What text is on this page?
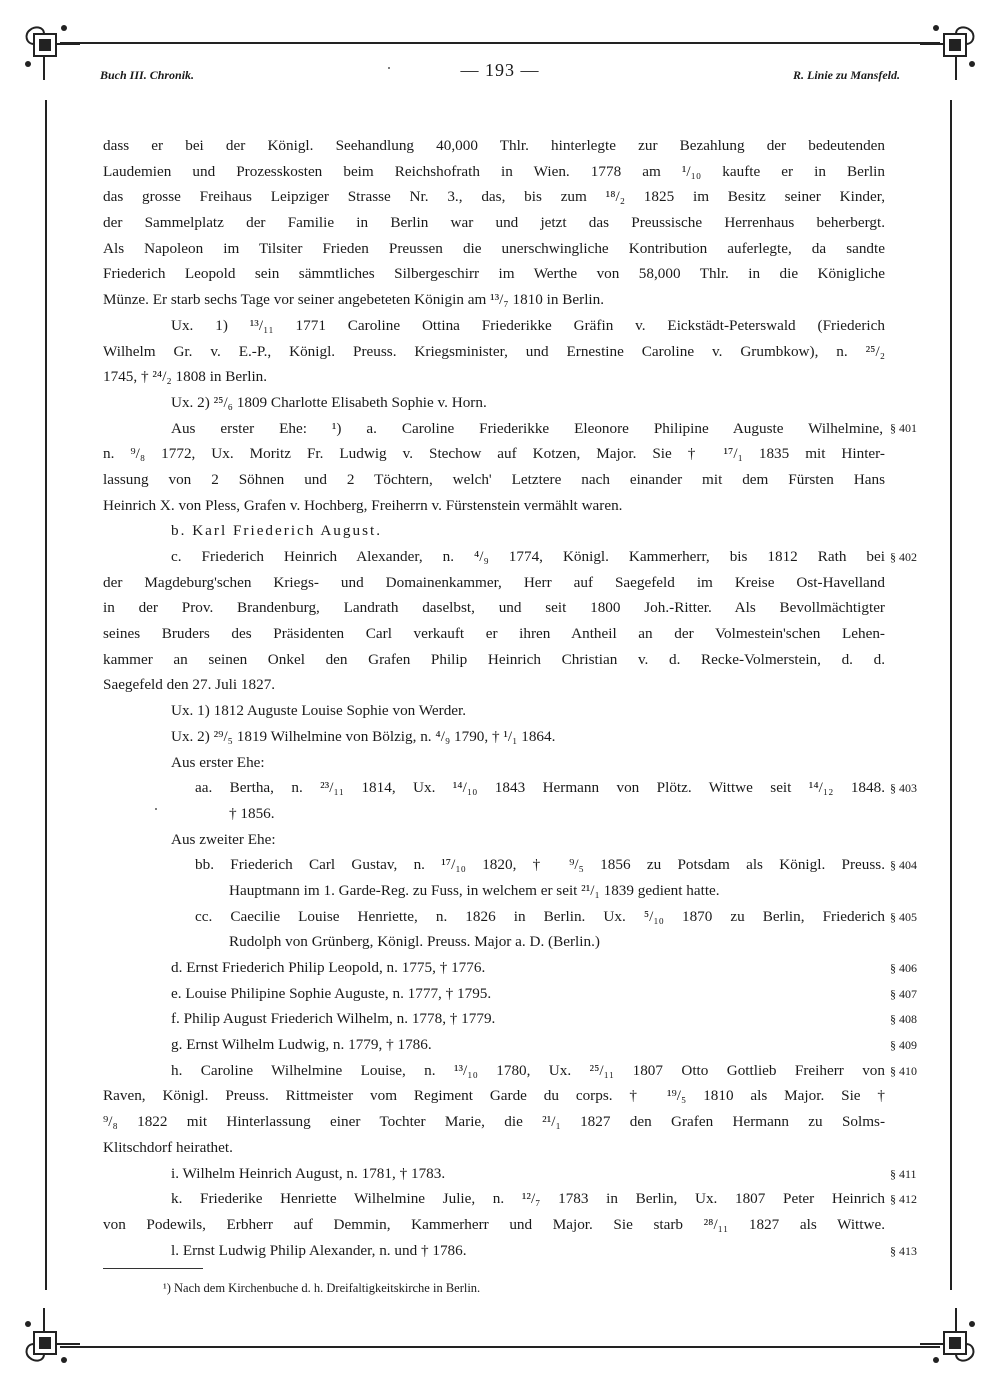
Buch III. Chronik.	— 193 —	R. Linie zu Mansfeld.
dass er bei der Königl. Seehandlung 40,000 Thlr. hinterlegte zur Bezahlung der bedeutenden
Laudemien und Prozesskosten beim Reichshofrath in Wien. 1778 am ¹/₁₀ kaufte er in Berlin
das grosse Freihaus Leipziger Strasse Nr. 3., das, bis zum ¹⁸/₂ 1825 im Besitz seiner Kinder,
der Sammelplatz der Familie in Berlin war und jetzt das Preussische Herrenhaus beherbergt.
Als Napoleon im Tilsiter Frieden Preussen die unerschwingliche Kontribution auferlegte, da sandte
Friederich Leopold sein sämmtliches Silbergeschirr im Werthe von 58,000 Thlr. in die Königliche
Münze. Er starb sechs Tage vor seiner angebeteten Königin am ¹³/₇ 1810 in Berlin.
Ux. 1) ¹³/₁₁ 1771 Caroline Ottina Friederikke Gräfin v. Eickstädt-Peterswald (Friederich
Wilhelm Gr. v. E.-P., Königl. Preuss. Kriegsminister, und Ernestine Caroline v. Grumbkow), n. ²⁵/₂
1745, † ²⁴/₂ 1808 in Berlin.
Ux. 2) ²⁵/₆ 1809 Charlotte Elisabeth Sophie v. Horn.
Aus erster Ehe: ¹) a. Caroline Friederikke Eleonore Philipine Auguste Wilhelmine,
n. ⁹/₈ 1772, Ux. Moritz Fr. Ludwig v. Stechow auf Kotzen, Major. Sie † ¹⁷/₁ 1835 mit Hinter-
lassung von 2 Söhnen und 2 Töchtern, welch' Letztere nach einander mit dem Fürsten Hans
Heinrich X. von Pless, Grafen v. Hochberg, Freiherrn v. Fürstenstein vermählt waren.
b. Karl Friederich August.
c. Friederich Heinrich Alexander, n. ⁴/₉ 1774, Königl. Kammerherr, bis 1812 Rath bei
der Magdeburg'schen Kriegs- und Domainenkammer, Herr auf Saegefeld im Kreise Ost-Havelland
in der Prov. Brandenburg, Landrath daselbst, und seit 1800 Joh.-Ritter. Als Bevollmächtigter
seines Bruders des Präsidenten Carl verkauft er ihren Antheil an der Volmestein'schen Lehen-
kammer an seinen Onkel den Grafen Philip Heinrich Christian v. d. Recke-Volmerstein, d. d.
Saegefeld den 27. Juli 1827.
Ux. 1) 1812 Auguste Louise Sophie von Werder.
Ux. 2) ²⁹/₅ 1819 Wilhelmine von Bölzig, n. ⁴/₉ 1790, † ¹/₁ 1864.
Aus erster Ehe:
aa. Bertha, n. ²³/₁₁ 1814, Ux. ¹⁴/₁₀ 1843 Hermann von Plötz. Wittwe seit ¹⁴/₁₂ 1848.
† 1856.
Aus zweiter Ehe:
bb. Friederich Carl Gustav, n. ¹⁷/₁₀ 1820, † ⁹/₅ 1856 zu Potsdam als Königl. Preuss.
Hauptmann im 1. Garde-Reg. zu Fuss, in welchem er seit ²¹/₁ 1839 gedient hatte.
cc. Caecilie Louise Henriette, n. 1826 in Berlin. Ux. ⁵/₁₀ 1870 zu Berlin, Friederich
Rudolph von Grünberg, Königl. Preuss. Major a. D. (Berlin.)
d. Ernst Friederich Philip Leopold, n. 1775, † 1776.
e. Louise Philipine Sophie Auguste, n. 1777, † 1795.
f. Philip August Friederich Wilhelm, n. 1778, † 1779.
g. Ernst Wilhelm Ludwig, n. 1779, † 1786.
h. Caroline Wilhelmine Louise, n. ¹³/₁₀ 1780, Ux. ²⁵/₁₁ 1807 Otto Gottlieb Freiherr von
Raven, Königl. Preuss. Rittmeister vom Regiment Garde du corps. † ¹⁹/₅ 1810 als Major. Sie †
⁹/₈ 1822 mit Hinterlassung einer Tochter Marie, die ²¹/₁ 1827 den Grafen Hermann zu Solms-
Klitschdorf heirathet.
i. Wilhelm Heinrich August, n. 1781, † 1783.
k. Friederike Henriette Wilhelmine Julie, n. ¹²/₇ 1783 in Berlin, Ux. 1807 Peter Heinrich
von Podewils, Erbherr auf Demmin, Kammerherr und Major. Sie starb ²⁸/₁₁ 1827 als Wittwe.
l. Ernst Ludwig Philip Alexander, n. und † 1786.
§ 401
§ 402
§ 403
§ 404
§ 405
§ 406
§ 407
§ 408
§ 409
§ 410
§ 411
§ 412
§ 413
¹) Nach dem Kirchenbuche d. h. Dreifaltigkeitskirche in Berlin.
